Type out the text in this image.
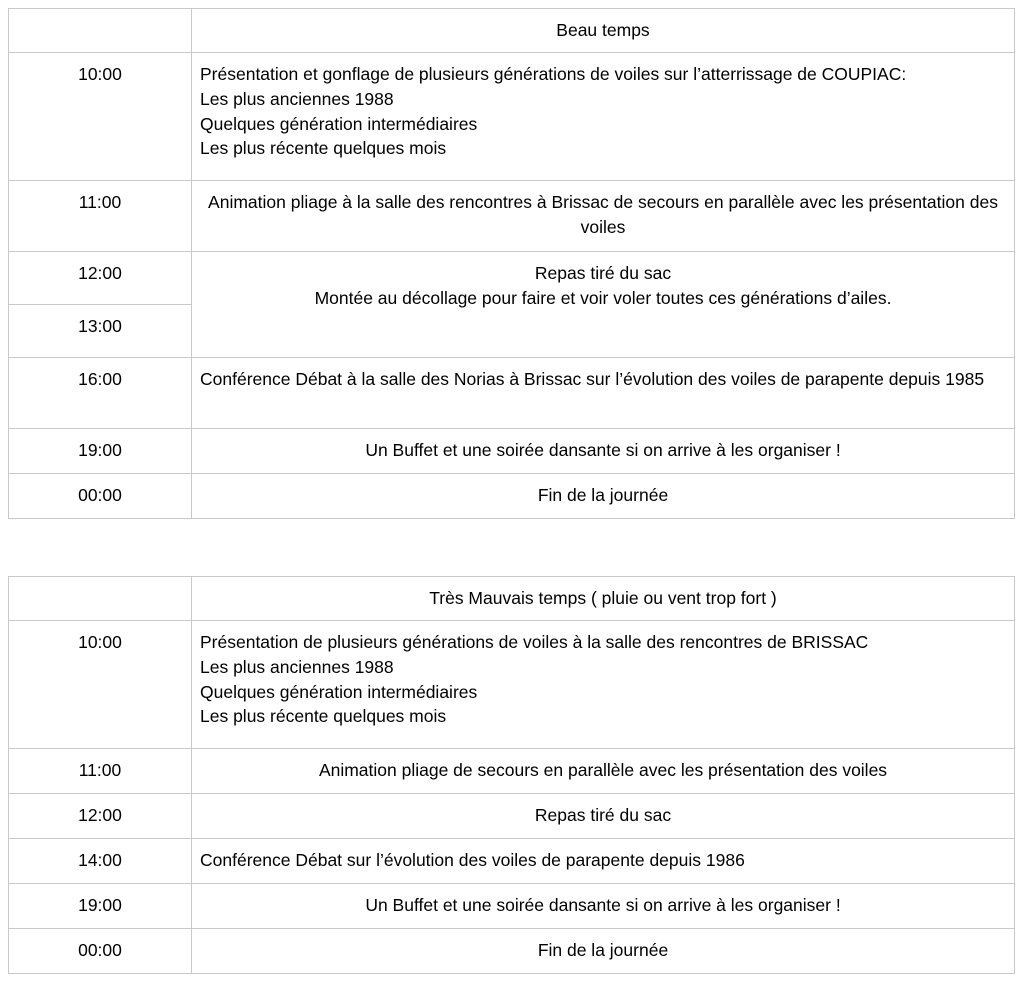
	Beau temps
10:00	Présentation et gonflage de plusieurs générations de voiles sur l’atterrissage de COUPIAC:
Les plus anciennes 1988
Quelques génération intermédiaires
Les plus récente quelques mois

11:00	Animation pliage à la salle des rencontres à Brissac de secours en parallèle avec les présentation des voiles
12:00	Repas tiré du sac
Montée au décollage pour faire et voir voler toutes ces générations d’ailes.

13:00	
16:00	Conférence Débat à la salle des Norias à Brissac sur l’évolution des voiles de parapente depuis 1985
19:00	Un Buffet et une soirée dansante si on arrive à les organiser !
00:00	Fin de la journée
	Très Mauvais temps ( pluie ou vent trop fort )
10:00	Présentation de plusieurs générations de voiles à la salle des rencontres de BRISSAC
Les plus anciennes 1988
Quelques génération intermédiaires
Les plus récente quelques mois

11:00	Animation pliage de secours en parallèle avec les présentation des voiles
12:00	Repas tiré du sac
14:00	Conférence Débat sur l’évolution des voiles de parapente depuis 1986
19:00	Un Buffet et une soirée dansante si on arrive à les organiser !
00:00	Fin de la journée
